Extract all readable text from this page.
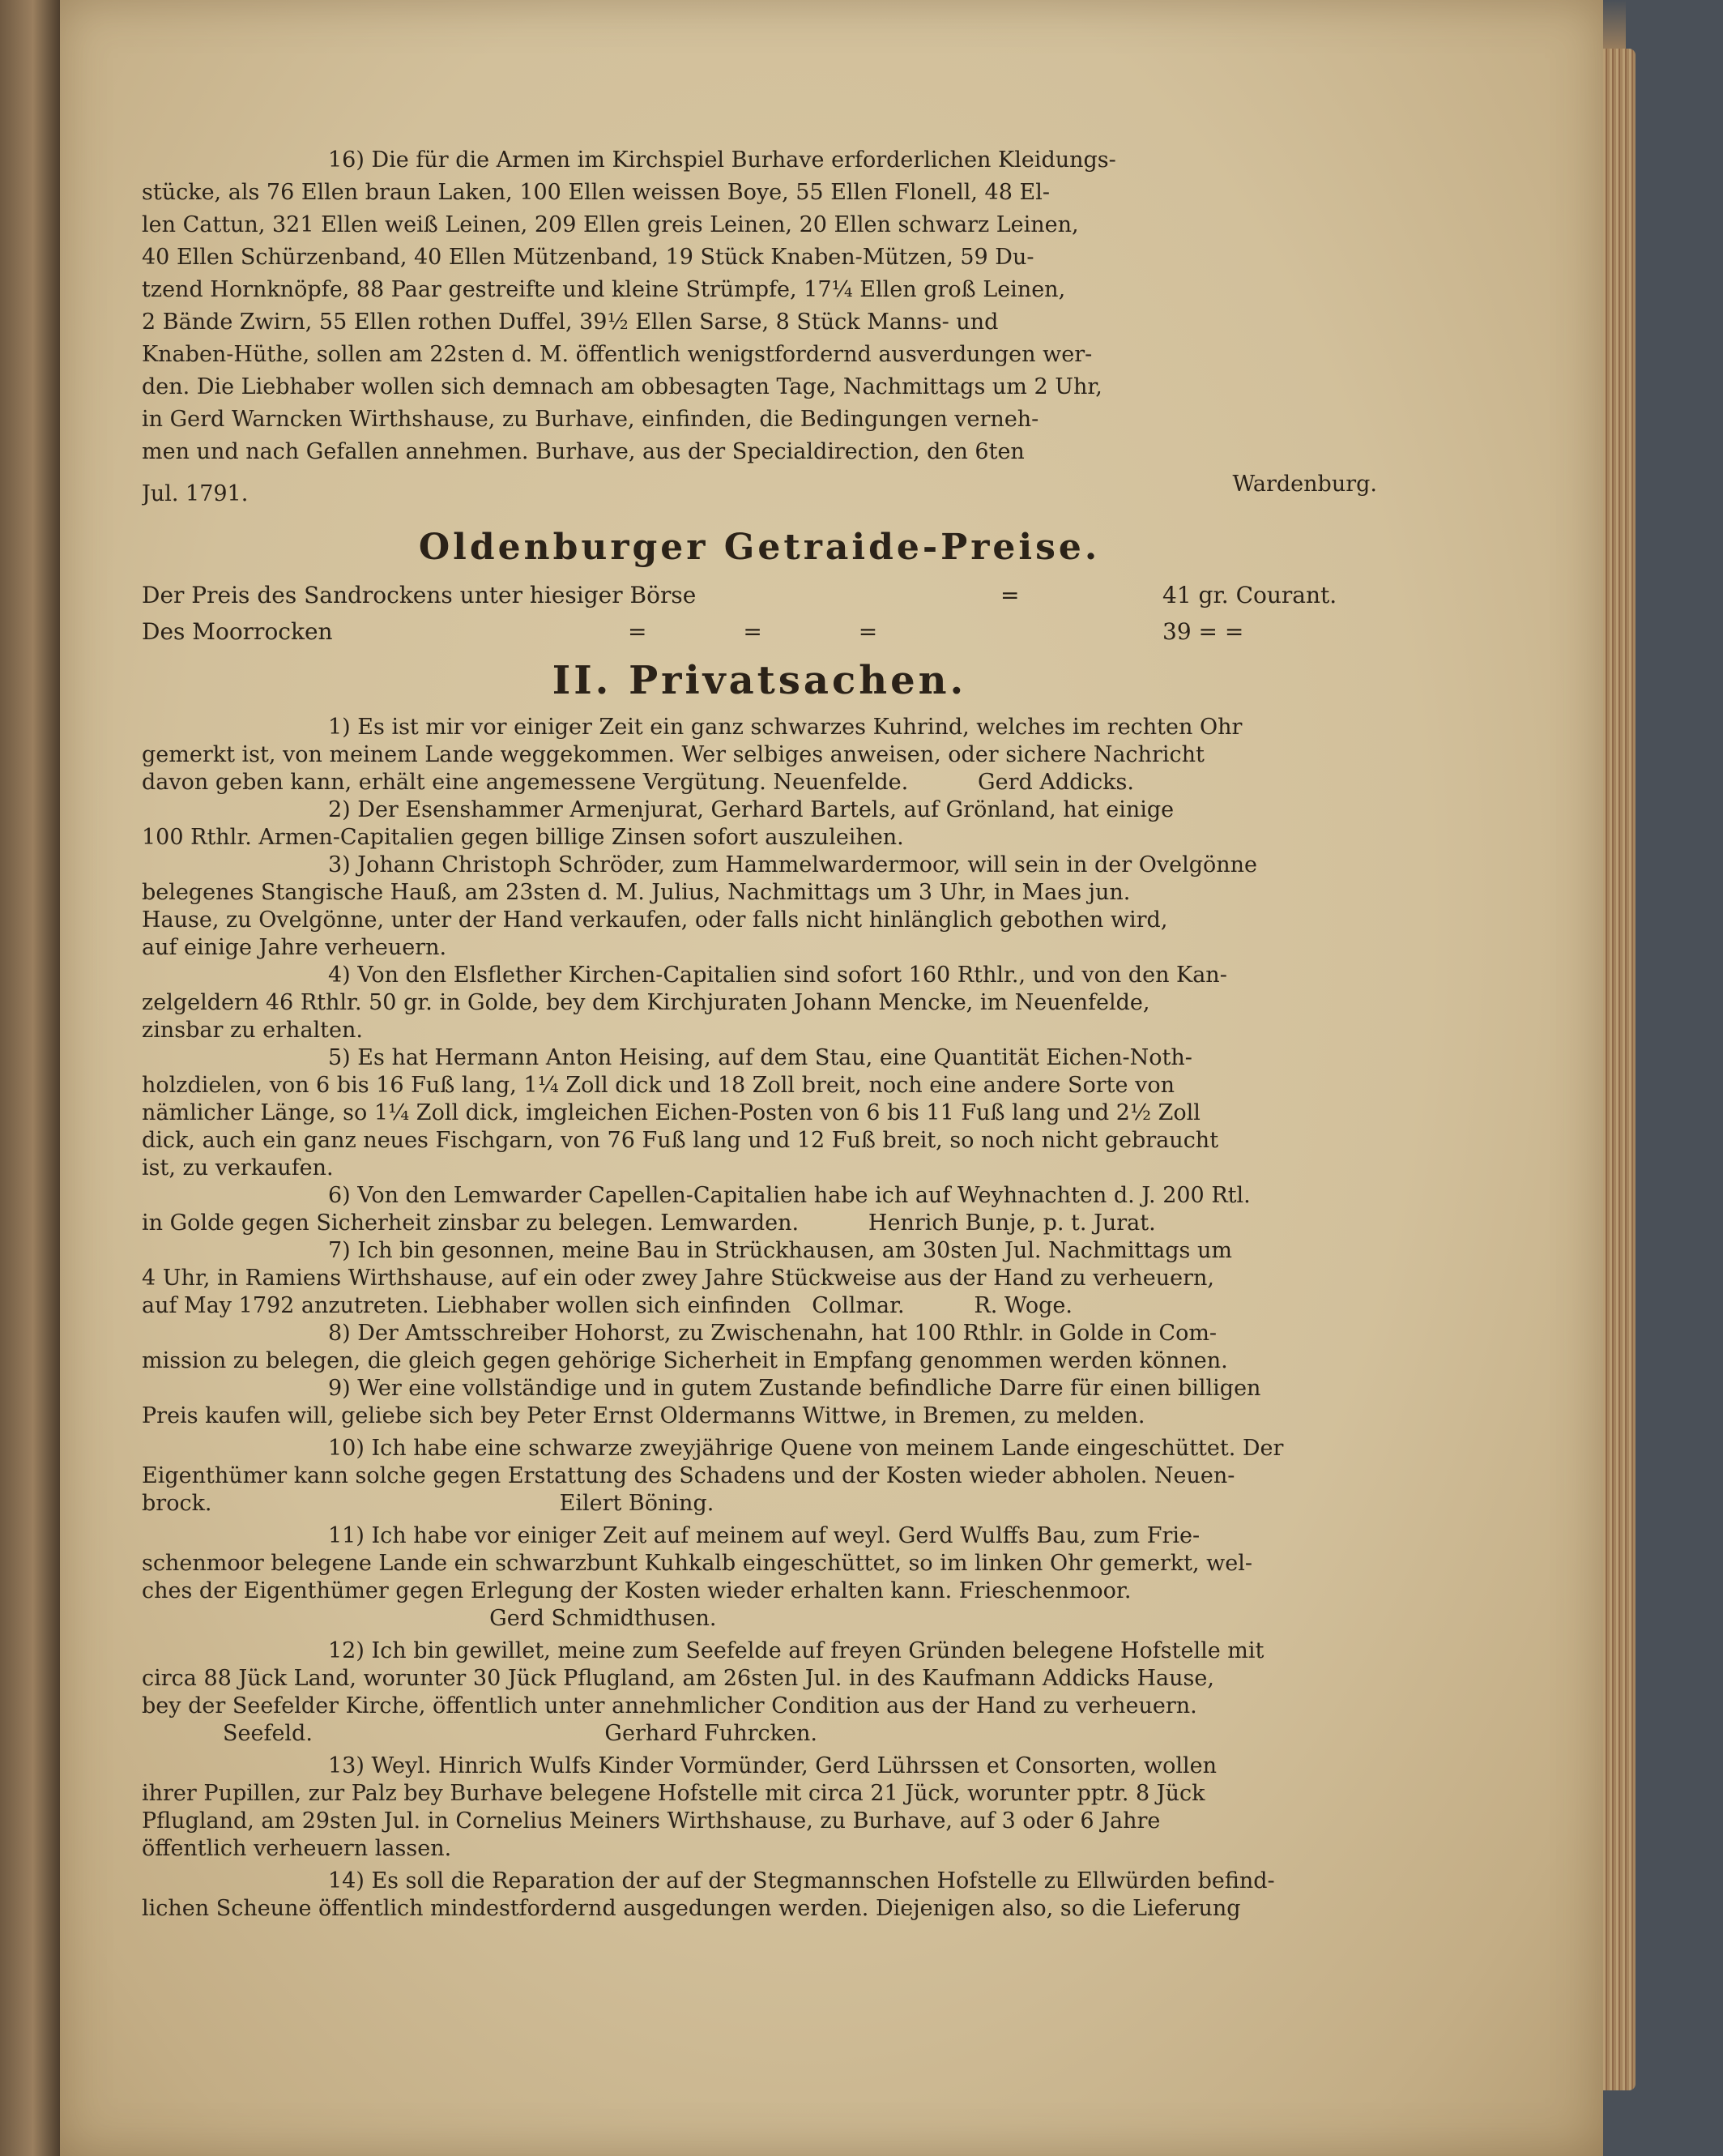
16) Die für die Armen im Kirchspiel Burhave erforderlichen Kleidungs-
stücke, als 76 Ellen braun Laken, 100 Ellen weissen Boye, 55 Ellen Flonell, 48 El-
len Cattun, 321 Ellen weiß Leinen, 209 Ellen greis Leinen, 20 Ellen schwarz Leinen,
40 Ellen Schürzenband, 40 Ellen Mützenband, 19 Stück Knaben-Mützen, 59 Du-
tzend Hornknöpfe, 88 Paar gestreifte und kleine Strümpfe, 17¼ Ellen groß Leinen,
2 Bände Zwirn, 55 Ellen rothen Duffel, 39½ Ellen Sarse, 8 Stück Manns- und
Knaben-Hüthe, sollen am 22sten d. M. öffentlich wenigstfordernd ausverdungen wer-
den. Die Liebhaber wollen sich demnach am obbesagten Tage, Nachmittags um 2 Uhr,
in Gerd Warncken Wirthshause, zu Burhave, einfinden, die Bedingungen verneh-
men und nach Gefallen annehmen. Burhave, aus der Specialdirection, den 6ten
Jul. 1791.	Wardenburg.
Oldenburger Getraide-Preise.
Der Preis des Sandrockens unter hiesiger Börse	=	41 gr. Courant.
Des Moorrocken	= = =	39 = =
II. Privatsachen.
1) Es ist mir vor einiger Zeit ein ganz schwarzes Kuhrind, welches im rechten Ohr
gemerkt ist, von meinem Lande weggekommen. Wer selbiges anweisen, oder sichere Nachricht
davon geben kann, erhält eine angemessene Vergütung. Neuenfelde.          Gerd Addicks.
2) Der Esenshammer Armenjurat, Gerhard Bartels, auf Grönland, hat einige
100 Rthlr. Armen-Capitalien gegen billige Zinsen sofort auszuleihen.
3) Johann Christoph Schröder, zum Hammelwardermoor, will sein in der Ovelgönne
belegenes Stangische Hauß, am 23sten d. M. Julius, Nachmittags um 3 Uhr, in Maes jun.
Hause, zu Ovelgönne, unter der Hand verkaufen, oder falls nicht hinlänglich gebothen wird,
auf einige Jahre verheuern.
4) Von den Elsflether Kirchen-Capitalien sind sofort 160 Rthlr., und von den Kan-
zelgeldern 46 Rthlr. 50 gr. in Golde, bey dem Kirchjuraten Johann Mencke, im Neuenfelde,
zinsbar zu erhalten.
5) Es hat Hermann Anton Heising, auf dem Stau, eine Quantität Eichen-Noth-
holzdielen, von 6 bis 16 Fuß lang, 1¼ Zoll dick und 18 Zoll breit, noch eine andere Sorte von
nämlicher Länge, so 1¼ Zoll dick, imgleichen Eichen-Posten von 6 bis 11 Fuß lang und 2½ Zoll
dick, auch ein ganz neues Fischgarn, von 76 Fuß lang und 12 Fuß breit, so noch nicht gebraucht
ist, zu verkaufen.
6) Von den Lemwarder Capellen-Capitalien habe ich auf Weyhnachten d. J. 200 Rtl.
in Golde gegen Sicherheit zinsbar zu belegen. Lemwarden.          Henrich Bunje, p. t. Jurat.
7) Ich bin gesonnen, meine Bau in Strückhausen, am 30sten Jul. Nachmittags um
4 Uhr, in Ramiens Wirthshause, auf ein oder zwey Jahre Stückweise aus der Hand zu verheuern,
auf May 1792 anzutreten. Liebhaber wollen sich einfinden   Collmar.          R. Woge.
8) Der Amtsschreiber Hohorst, zu Zwischenahn, hat 100 Rthlr. in Golde in Com-
mission zu belegen, die gleich gegen gehörige Sicherheit in Empfang genommen werden können.
9) Wer eine vollständige und in gutem Zustande befindliche Darre für einen billigen
Preis kaufen will, geliebe sich bey Peter Ernst Oldermanns Wittwe, in Bremen, zu melden.
10) Ich habe eine schwarze zweyjährige Quene von meinem Lande eingeschüttet. Der
Eigenthümer kann solche gegen Erstattung des Schadens und der Kosten wieder abholen. Neuen-
brock.                                                  Eilert Böning.
11) Ich habe vor einiger Zeit auf meinem auf weyl. Gerd Wulffs Bau, zum Frie-
schenmoor belegene Lande ein schwarzbunt Kuhkalb eingeschüttet, so im linken Ohr gemerkt, wel-
ches der Eigenthümer gegen Erlegung der Kosten wieder erhalten kann. Frieschenmoor.
Gerd Schmidthusen.
12) Ich bin gewillet, meine zum Seefelde auf freyen Gründen belegene Hofstelle mit
circa 88 Jück Land, worunter 30 Jück Pflugland, am 26sten Jul. in des Kaufmann Addicks Hause,
bey der Seefelder Kirche, öffentlich unter annehmlicher Condition aus der Hand zu verheuern.
Seefeld.                                          Gerhard Fuhrcken.
13) Weyl. Hinrich Wulfs Kinder Vormünder, Gerd Lührssen et Consorten, wollen
ihrer Pupillen, zur Palz bey Burhave belegene Hofstelle mit circa 21 Jück, worunter pptr. 8 Jück
Pflugland, am 29sten Jul. in Cornelius Meiners Wirthshause, zu Burhave, auf 3 oder 6 Jahre
öffentlich verheuern lassen.
14) Es soll die Reparation der auf der Stegmannschen Hofstelle zu Ellwürden befind-
lichen Scheune öffentlich mindestfordernd ausgedungen werden. Diejenigen also, so die Lieferung
